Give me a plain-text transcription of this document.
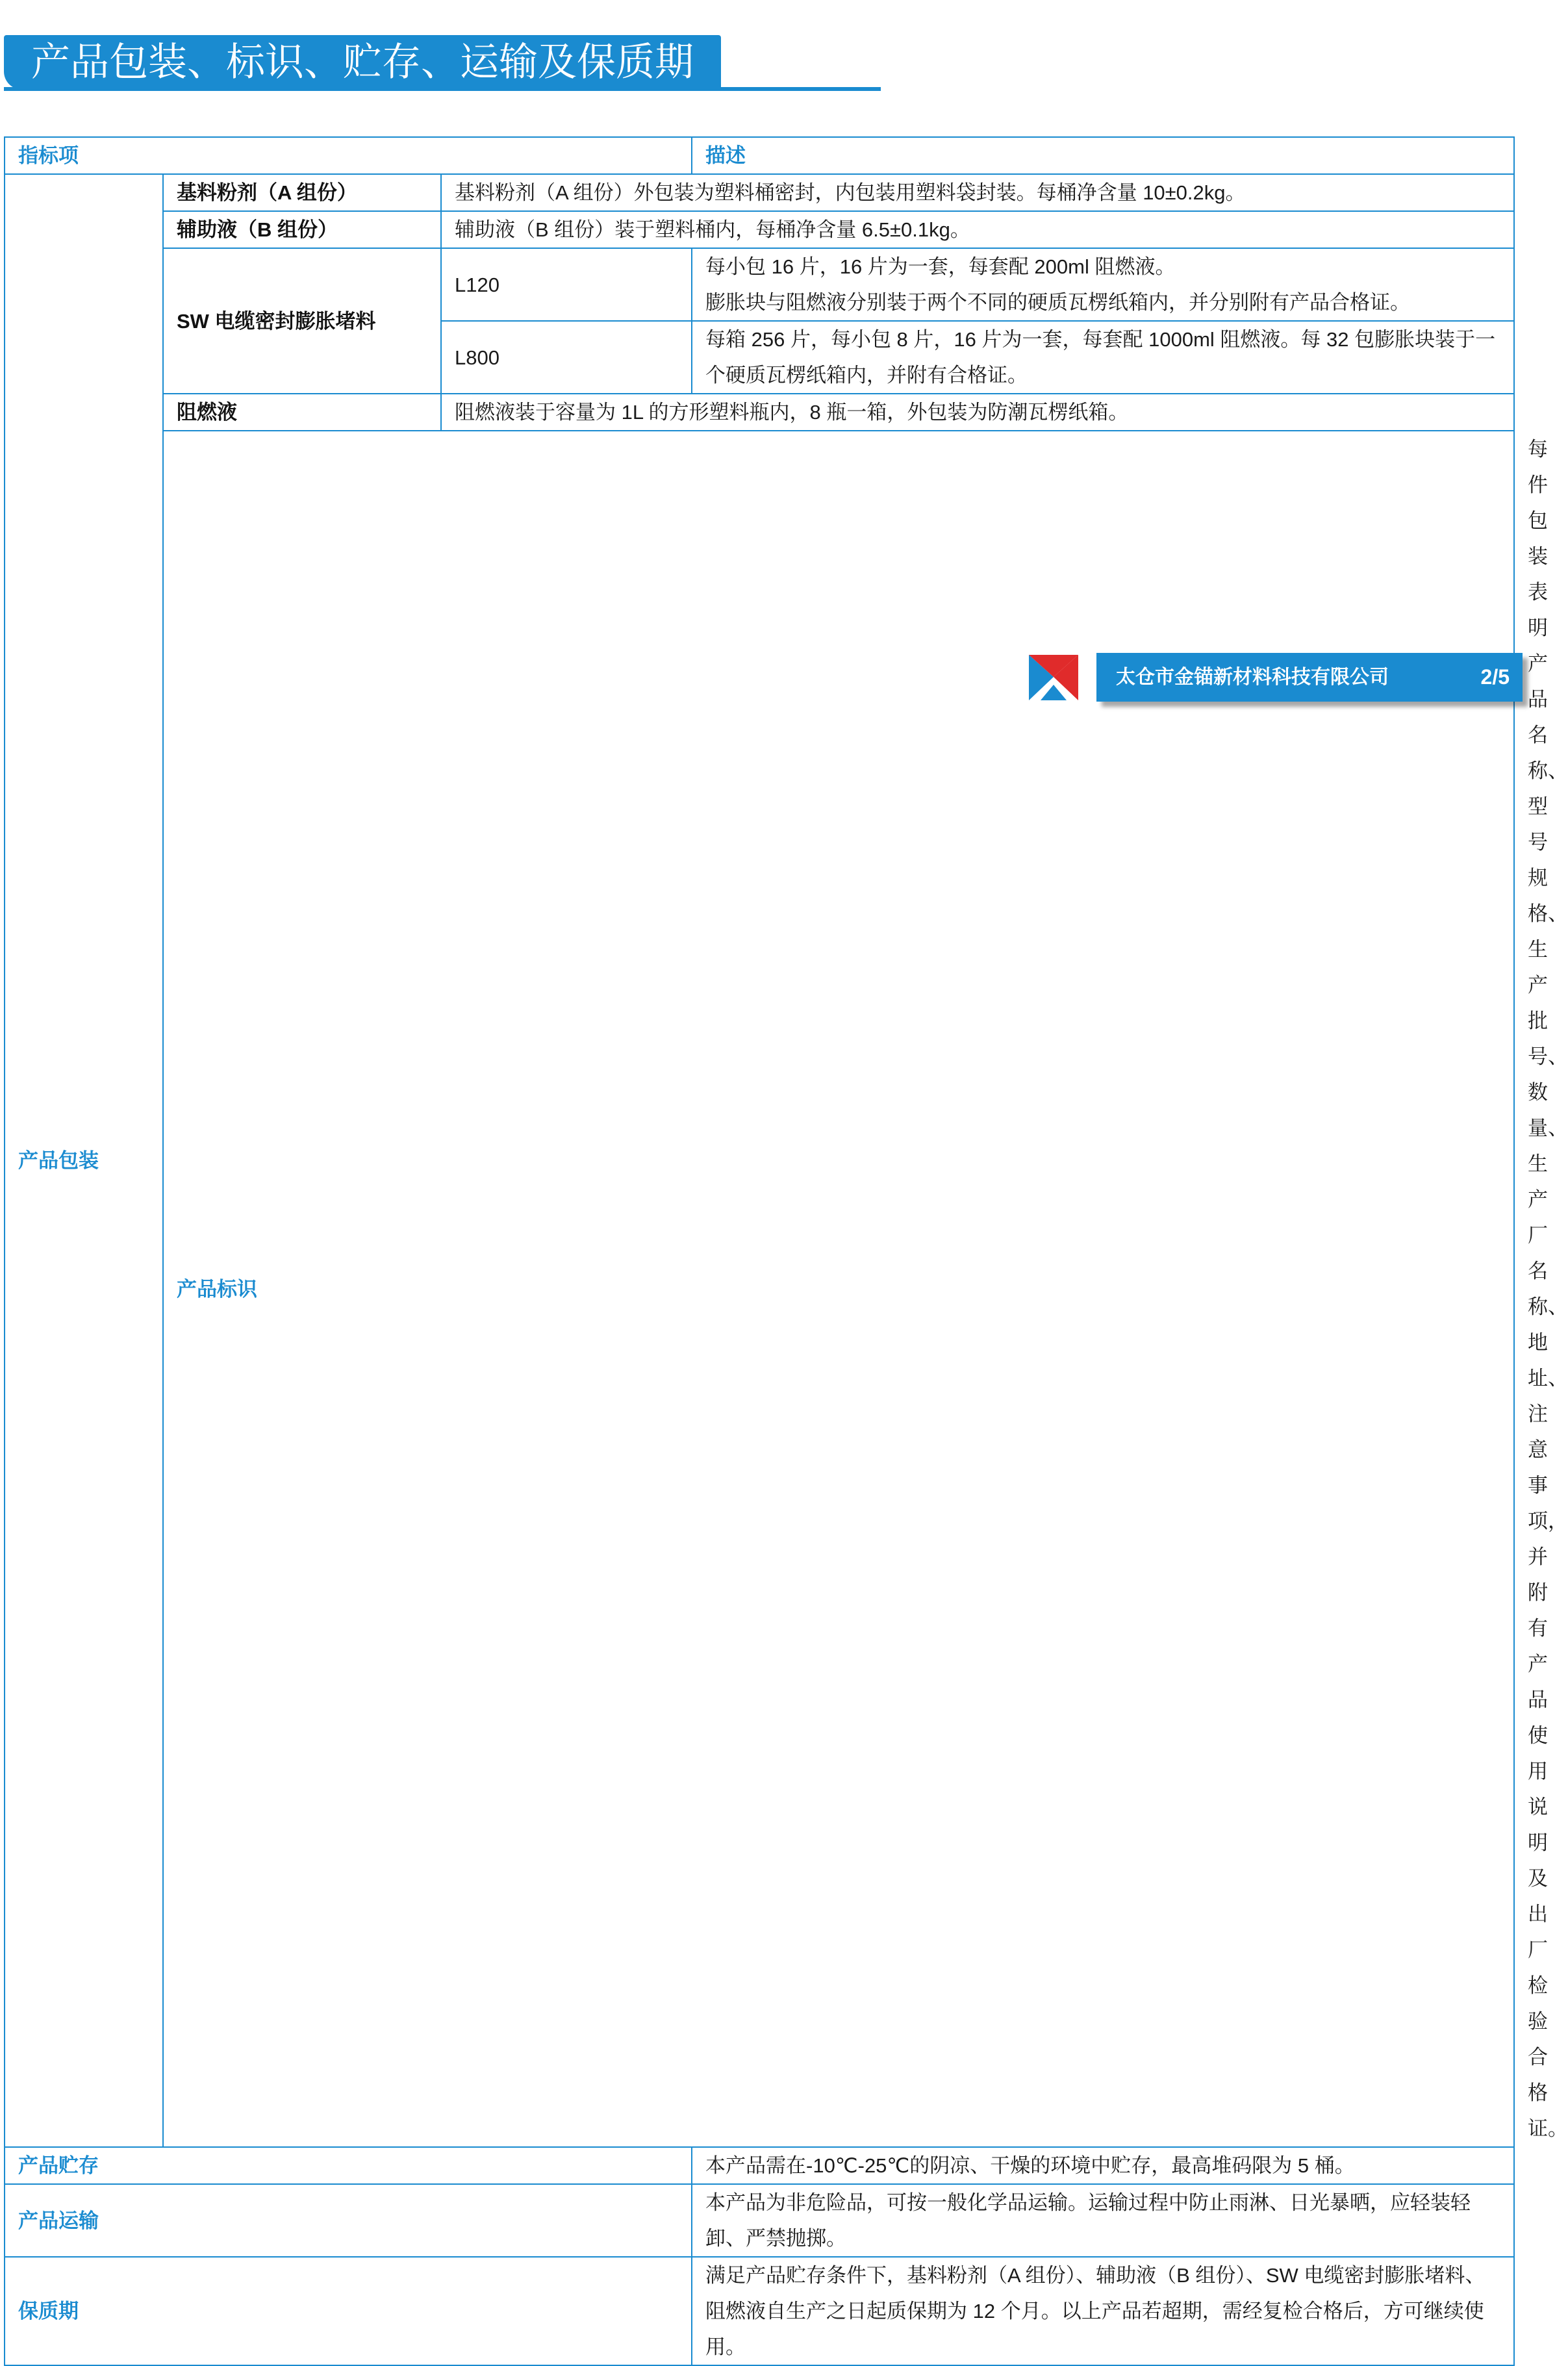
产品包装、标识、贮存、运输及保质期
指标项			描述	
产品包装	基料粉剂（A 组份）	基料粉剂（A 组份）外包装为塑料桶密封，内包装用塑料袋封装。每桶净含量 10±0.2kg。		
	辅助液（B 组份）	辅助液（B 组份）装于塑料桶内，每桶净含量 6.5±0.1kg。		
	SW 电缆密封膨胀堵料	L120	每小包 16 片，16 片为一套，每套配 200ml 阻燃液。
膨胀块与阻燃液分别装于两个不同的硬质瓦楞纸箱内，并分别附有产品合格证。	

		L800	每箱 256 片，每小包 8 片，16 片为一套，每套配 1000ml 阻燃液。每 32 包膨胀块装于一个硬质瓦楞纸箱内，并附有合格证。	
	阻燃液	阻燃液装于容量为 1L 的方形塑料瓶内，8 瓶一箱，外包装为防潮瓦楞纸箱。		
	产品标识			每件包装表明产品名称、型号规格、生产批号、数量、生产厂名称、地址、注意事项，并附有产品使用说明及出厂检验合格证。
产品贮存			本产品需在-10℃-25℃的阴凉、干燥的环境中贮存，最高堆码限为 5 桶。	
产品运输			本产品为非危险品，可按一般化学品运输。运输过程中防止雨淋、日光暴晒，应轻装轻卸、严禁抛掷。	
保质期			满足产品贮存条件下，基料粉剂（A 组份）、辅助液（B 组份）、SW 电缆密封膨胀堵料、阻燃液自生产之日起质保期为 12 个月。以上产品若超期，需经复检合格后，方可继续使用。	
太仓市金锚新材料科技有限公司	2/5
